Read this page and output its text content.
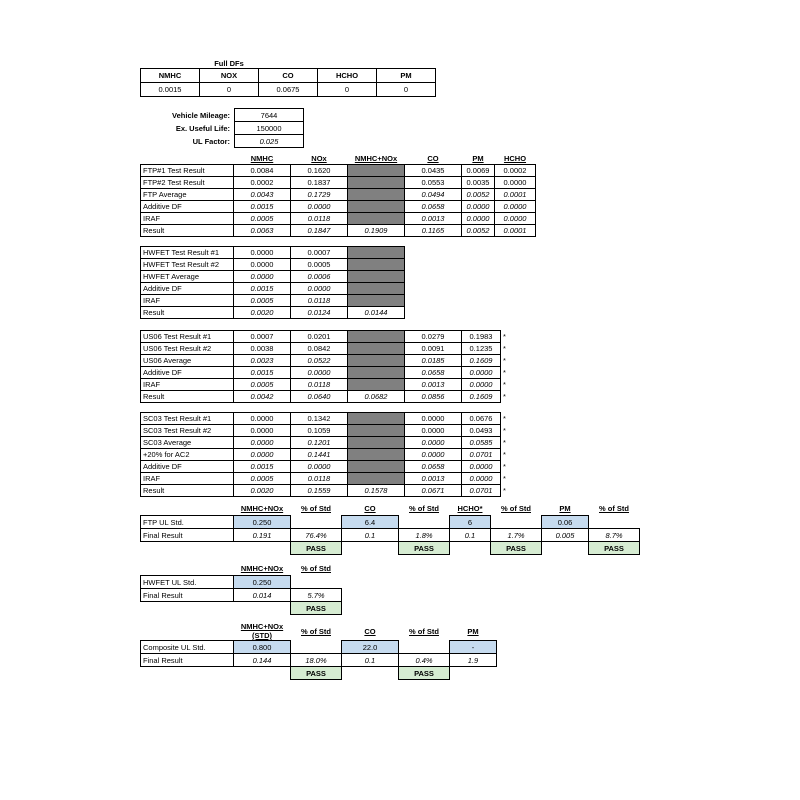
	Full DFs			
NMHC	NOX	CO	HCHO	PM
0.0015	0	0.0675	0	0
Vehicle Mileage:	7644
Ex. Useful Life:	150000
UL Factor:	0.025
	NMHC	NOx	NMHC+NOx	CO	PM	HCHO
FTP#1 Test Result	0.0084	0.1620		0.0435	0.0069	0.0002
FTP#2 Test Result	0.0002	0.1837		0.0553	0.0035	0.0000
FTP Average	0.0043	0.1729		0.0494	0.0052	0.0001
Additive DF	0.0015	0.0000		0.0658	0.0000	0.0000
IRAF	0.0005	0.0118		0.0013	0.0000	0.0000
Result	0.0063	0.1847	0.1909	0.1165	0.0052	0.0001
HWFET Test Result #1	0.0000	0.0007	
HWFET Test Result #2	0.0000	0.0005	
HWFET Average	0.0000	0.0006	
Additive DF	0.0015	0.0000	
IRAF	0.0005	0.0118	
Result	0.0020	0.0124	0.0144
US06 Test Result #1	0.0007	0.0201		0.0279	0.1983	*
US06 Test Result #2	0.0038	0.0842		0.0091	0.1235	*
US06 Average	0.0023	0.0522		0.0185	0.1609	*
Additive DF	0.0015	0.0000		0.0658	0.0000	*
IRAF	0.0005	0.0118		0.0013	0.0000	*
Result	0.0042	0.0640	0.0682	0.0856	0.1609	*
SC03 Test Result #1	0.0000	0.1342		0.0000	0.0676	*
SC03 Test Result #2	0.0000	0.1059		0.0000	0.0493	*
SC03 Average	0.0000	0.1201		0.0000	0.0585	*
+20% for AC2	0.0000	0.1441		0.0000	0.0701	*
Additive DF	0.0015	0.0000		0.0658	0.0000	*
IRAF	0.0005	0.0118		0.0013	0.0000	*
Result	0.0020	0.1559	0.1578	0.0671	0.0701	*
	NMHC+NOx	% of Std	CO	% of Std	HCHO*	% of Std	PM	% of Std
FTP UL Std.	0.250		6.4		6		0.06	
Final Result	0.191	76.4%	0.1	1.8%	0.1	1.7%	0.005	8.7%
		PASS		PASS		PASS		PASS
	NMHC+NOx	% of Std
HWFET UL Std.	0.250	
Final Result	0.014	5.7%
		PASS
	NMHC+NOx (STD)	% of Std	CO	% of Std	PM
Composite UL Std.	0.800		22.0		-
Final Result	0.144	18.0%	0.1	0.4%	1.9
		PASS		PASS	
